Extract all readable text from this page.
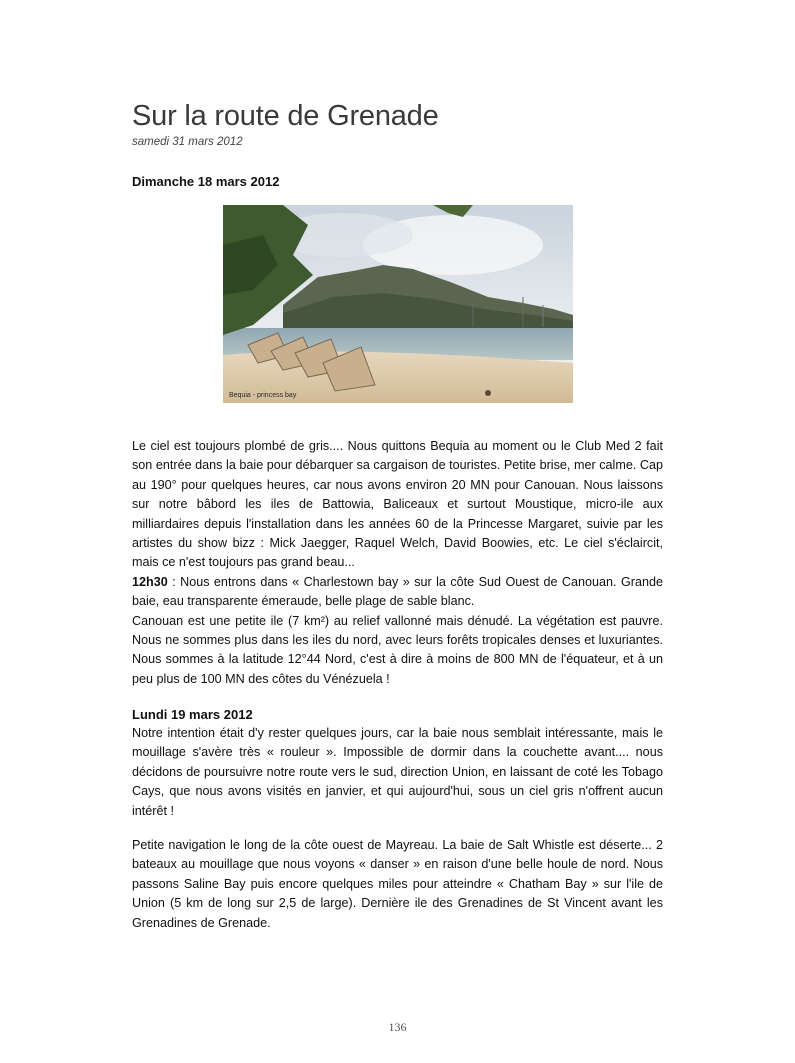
Sur la route de Grenade
samedi 31 mars 2012
Dimanche 18 mars 2012
Bequia - princess bay

Le ciel est toujours plombé de gris.... Nous quittons Bequia au moment ou le Club Med 2 fait son entrée dans la baie pour débarquer sa cargaison de touristes. Petite brise, mer calme. Cap au 190° pour quelques heures, car nous avons environ 20 MN pour Canouan. Nous laissons sur notre bâbord les iles de Battowia, Baliceaux et surtout Moustique, micro-ile aux milliardaires depuis l'installation dans les années 60 de la Princesse Margaret, suivie par les artistes du show bizz : Mick Jaegger, Raquel Welch, David Boowies, etc. Le ciel s'éclaircit, mais ce n'est toujours pas grand beau...

12h30 : Nous entrons dans « Charlestown bay » sur la côte Sud Ouest de Canouan. Grande baie, eau transparente émeraude, belle plage de sable blanc.

Canouan est une petite ile (7 km²) au relief vallonné mais dénudé. La végétation est pauvre. Nous ne sommes plus dans les iles du nord, avec leurs forêts tropicales denses et luxuriantes. Nous sommes à la latitude 12°44 Nord, c'est à dire à moins de 800 MN de l'équateur, et à un peu plus de 100 MN des côtes du Vénézuela !

Lundi 19 mars 2012

Notre intention était d'y rester quelques jours, car la baie nous semblait intéressante, mais le mouillage s'avère très « rouleur ». Impossible de dormir dans la couchette avant.... nous décidons de poursuivre notre route vers le sud, direction Union, en laissant de coté les Tobago Cays, que nous avons visités en janvier, et qui aujourd'hui, sous un ciel gris n'offrent aucun intérêt !

Petite navigation le long de la côte ouest de Mayreau. La baie de Salt Whistle est déserte... 2 bateaux au mouillage que nous voyons « danser » en raison d'une belle houle de nord. Nous passons Saline Bay puis encore quelques miles pour atteindre « Chatham Bay » sur l'ile de Union (5 km de long sur 2,5 de large). Dernière ile des Grenadines de St Vincent avant les Grenadines de Grenade.

136
